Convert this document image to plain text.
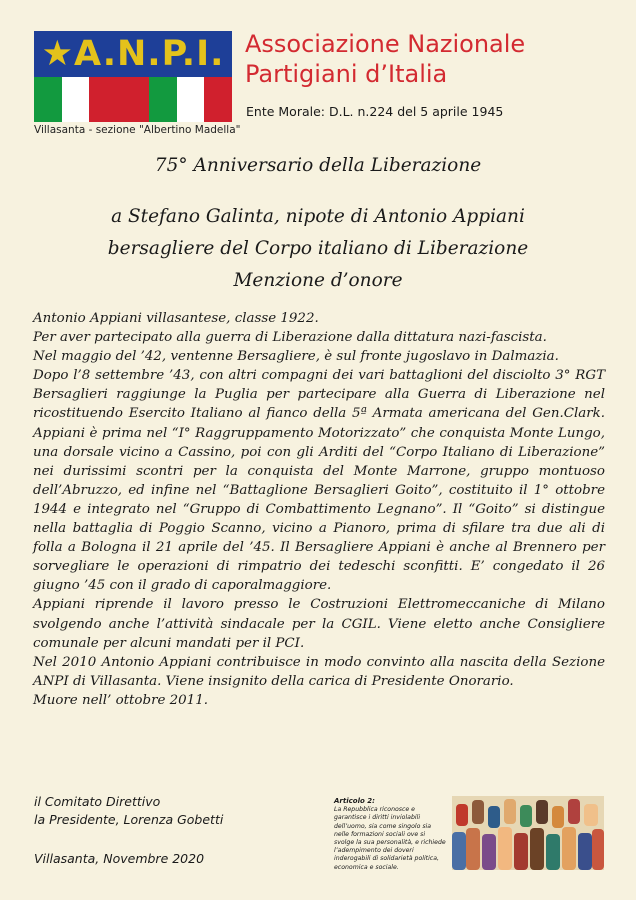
★A.N.P.I.
Villasanta - sezione "Albertino Madella"
Associazione Nazionale
Partigiani d’Italia
Ente Morale: D.L. n.224 del 5 aprile 1945
75° Anniversario della Liberazione
a Stefano Galinta, nipote di Antonio Appiani
bersagliere del Corpo italiano di Liberazione
Menzione d’onore

Antonio Appiani villasantese, classe 1922.

Per aver partecipato alla guerra di Liberazione dalla dittatura nazi-fascista.

Nel maggio del ’42, ventenne Bersagliere, è sul fronte jugoslavo in Dalmazia.

Dopo l’8 settembre ’43, con altri compagni dei vari battaglioni del disciolto 3° RGT Bersaglieri raggiunge la Puglia per partecipare alla Guerra di Liberazione nel ricostituendo Esercito Italiano al fianco della 5ª Armata americana del Gen.Clark. Appiani è prima nel “I° Raggruppamento Motorizzato” che conquista Monte Lungo, una dorsale vicino a Cassino, poi con gli Arditi del “Corpo Italiano di Liberazione” nei durissimi scontri per la conquista del Monte Marrone, gruppo montuoso dell’Abruzzo, ed infine nel “Battaglione Bersaglieri Goito”, costituito il 1° ottobre 1944 e integrato nel “Gruppo di Combattimento Legnano”. Il “Goito” si distingue nella battaglia di Poggio Scanno, vicino a Pianoro, prima di sfilare tra due ali di folla a Bologna il 21 aprile del ’45. Il Bersagliere Appiani è anche al Brennero per sorvegliare le operazioni di rimpatrio dei tedeschi sconfitti. E’ congedato il 26 giugno ’45 con il grado di caporalmaggiore.

Appiani riprende il lavoro presso le Costruzioni Elettromeccaniche di Milano svolgendo anche l’attività sindacale per la CGIL. Viene eletto anche Consigliere comunale per alcuni mandati per il PCI.

Nel 2010 Antonio Appiani contribuisce in modo convinto alla nascita della Sezione ANPI di Villasanta. Viene insignito della carica di Presidente Onorario.

Muore nell’ ottobre 2011.

il Comitato Direttivo
la Presidente, Lorenza Gobetti
Villasanta, Novembre 2020
Articolo 2:
La Repubblica riconosce e garantisce i diritti inviolabili dell’uomo, sia come singolo sia nelle formazioni sociali ove si svolge la sua personalità, e richiede l’adempimento dei doveri inderogabili di solidarietà politica, economica e sociale.
